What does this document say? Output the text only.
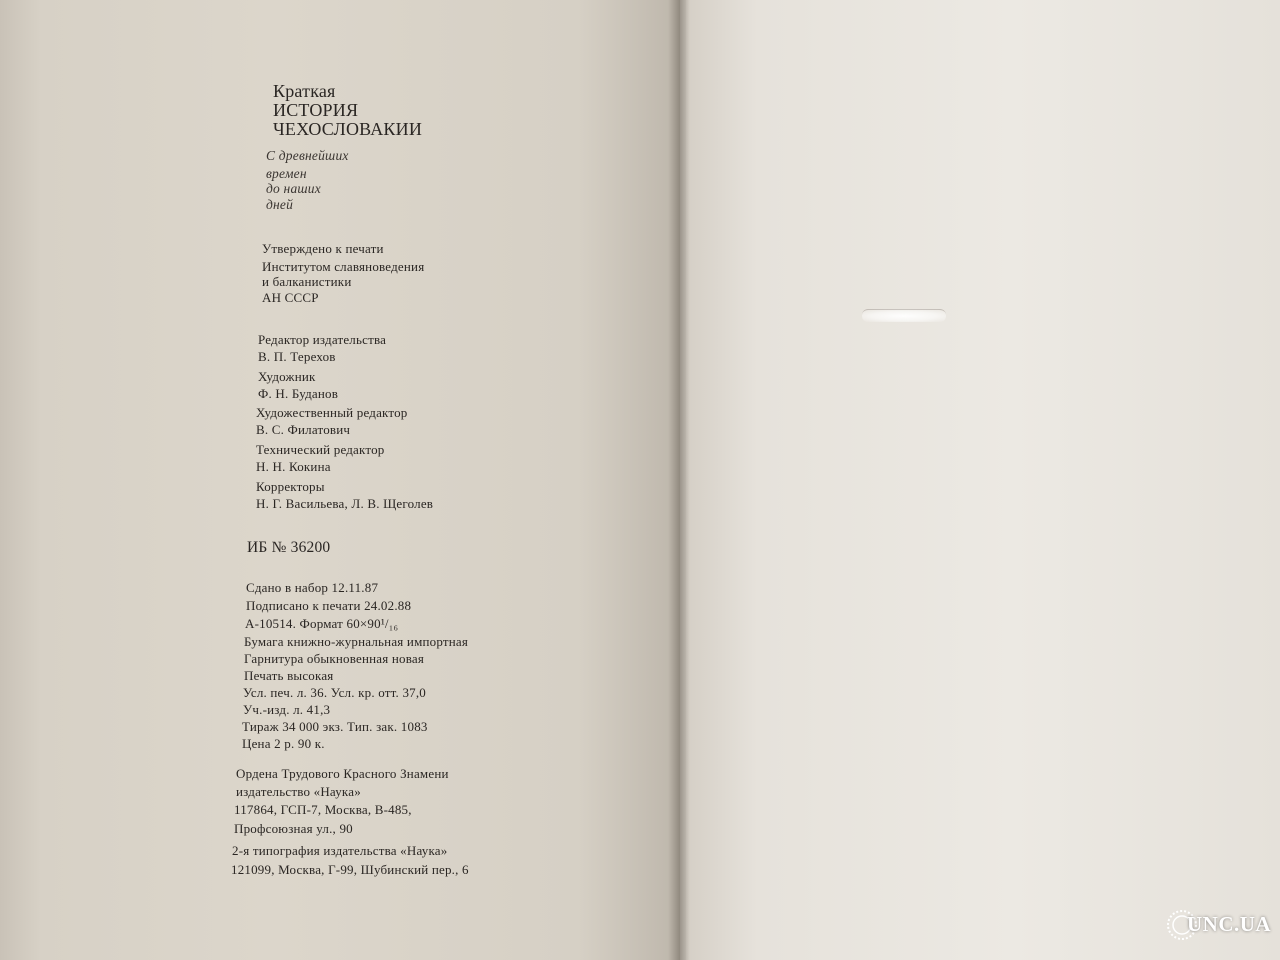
Краткая
ИСТОРИЯ
ЧЕХОСЛОВАКИИ
С древнейших
времен
до наших
дней
Утверждено к печати
Институтом славяноведения
и балканистики
АН СССР
Редактор издательства
В. П. Терехов
Художник
Ф. Н. Буданов
Художественный редактор
В. С. Филатович
Технический редактор
Н. Н. Кокина
Корректоры
Н. Г. Васильева, Л. В. Щеголев
ИБ № 36200
Сдано в набор 12.11.87
Подписано к печати 24.02.88
А-10514. Формат 60×90¹/₁₆
Бумага книжно-журнальная импортная
Гарнитура обыкновенная новая
Печать высокая
Усл. печ. л. 36. Усл. кр. отт. 37,0
Уч.-изд. л. 41,3
Тираж 34 000 экз. Тип. зак. 1083
Цена 2 р. 90 к.
Ордена Трудового Красного Знамени
издательство «Наука»
117864, ГСП-7, Москва, В-485,
Профсоюзная ул., 90
2-я типография издательства «Наука»
121099, Москва, Г-99, Шубинский пер., 6
UNC.UA
